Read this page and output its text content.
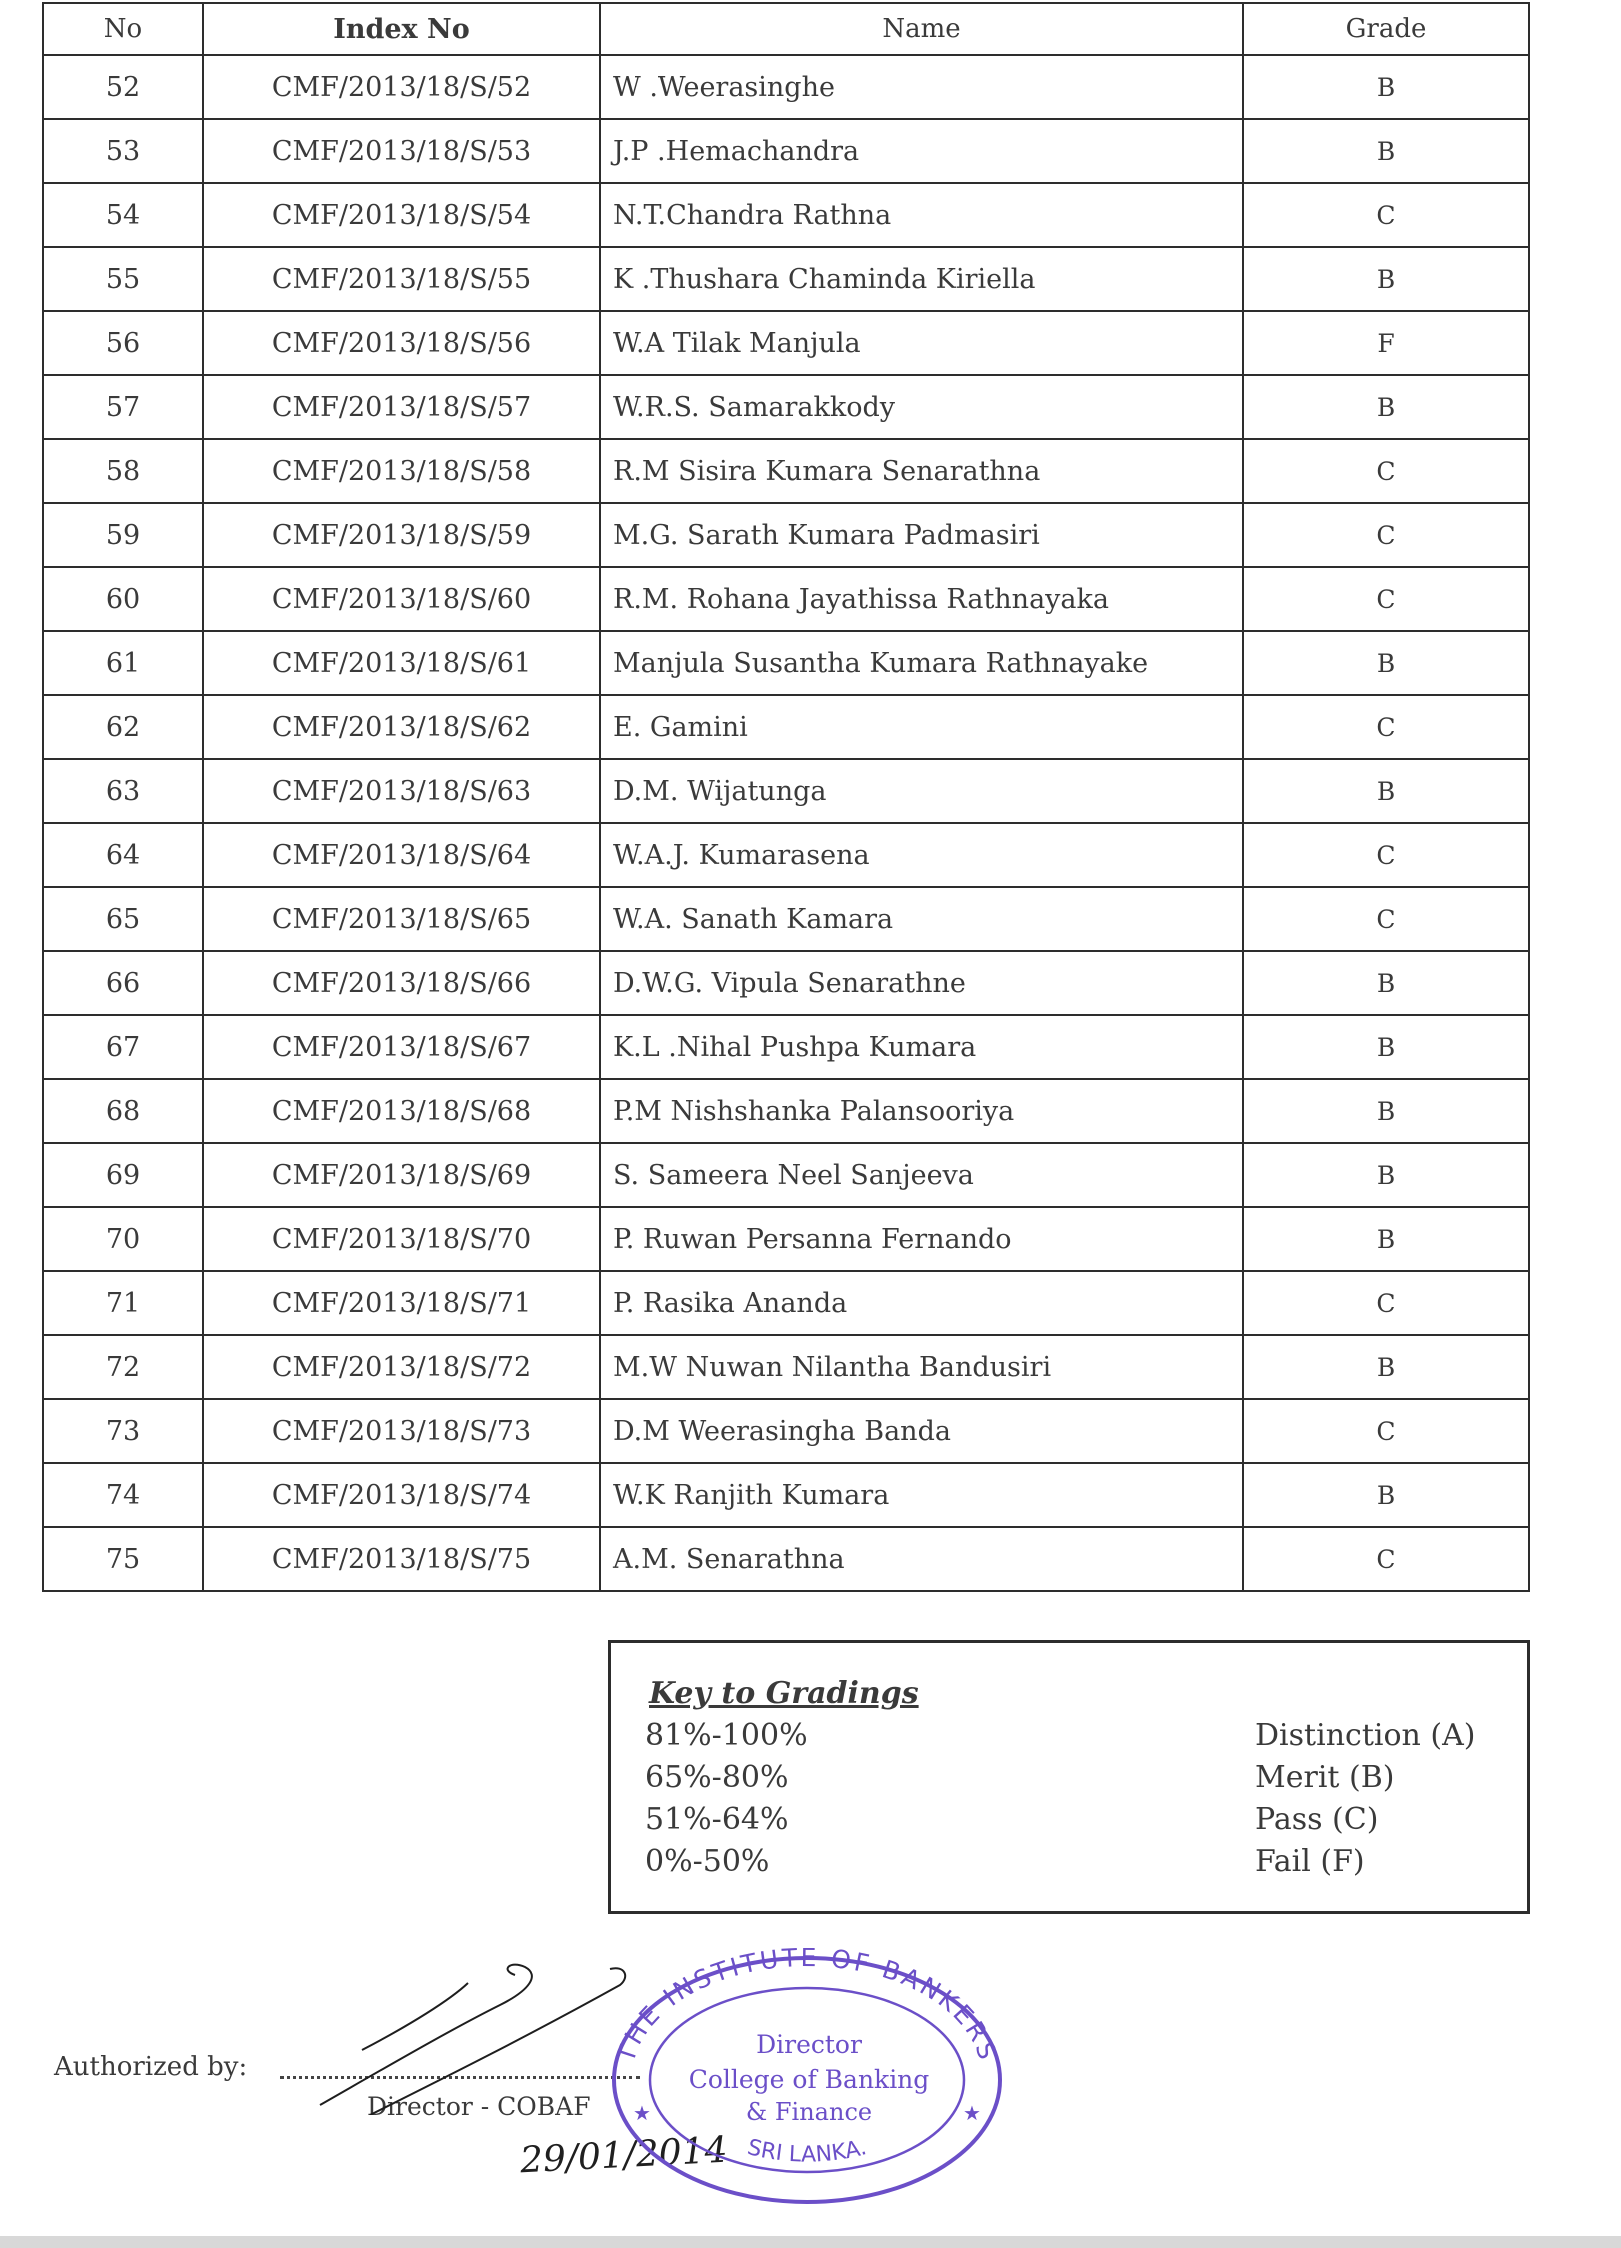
No	Index No	Name	Grade
52	CMF/2013/18/S/52	W .Weerasinghe	B
53	CMF/2013/18/S/53	J.P .Hemachandra	B
54	CMF/2013/18/S/54	N.T.Chandra Rathna	C
55	CMF/2013/18/S/55	K .Thushara Chaminda Kiriella	B
56	CMF/2013/18/S/56	W.A Tilak Manjula	F
57	CMF/2013/18/S/57	W.R.S. Samarakkody	B
58	CMF/2013/18/S/58	R.M Sisira Kumara Senarathna	C
59	CMF/2013/18/S/59	M.G. Sarath Kumara Padmasiri	C
60	CMF/2013/18/S/60	R.M. Rohana Jayathissa Rathnayaka	C
61	CMF/2013/18/S/61	Manjula Susantha Kumara Rathnayake	B
62	CMF/2013/18/S/62	E. Gamini	C
63	CMF/2013/18/S/63	D.M. Wijatunga	B
64	CMF/2013/18/S/64	W.A.J. Kumarasena	C
65	CMF/2013/18/S/65	W.A. Sanath Kamara	C
66	CMF/2013/18/S/66	D.W.G. Vipula Senarathne	B
67	CMF/2013/18/S/67	K.L .Nihal Pushpa Kumara	B
68	CMF/2013/18/S/68	P.M Nishshanka Palansooriya	B
69	CMF/2013/18/S/69	S. Sameera Neel Sanjeeva	B
70	CMF/2013/18/S/70	P. Ruwan Persanna Fernando	B
71	CMF/2013/18/S/71	P. Rasika Ananda	C
72	CMF/2013/18/S/72	M.W Nuwan Nilantha Bandusiri	B
73	CMF/2013/18/S/73	D.M Weerasingha Banda	C
74	CMF/2013/18/S/74	W.K Ranjith Kumara	B
75	CMF/2013/18/S/75	A.M. Senarathna	C
Key to Gradings
81%-100%	Distinction (A)
65%-80%	Merit (B)
51%-64%	Pass (C)
0%-50%	Fail (F)
Authorized by:
Director - COBAF
29/01/2014
THE INSTITUTE OF BANKERS
SRI LANKA.
Director
College of Banking
& Finance
★	★
